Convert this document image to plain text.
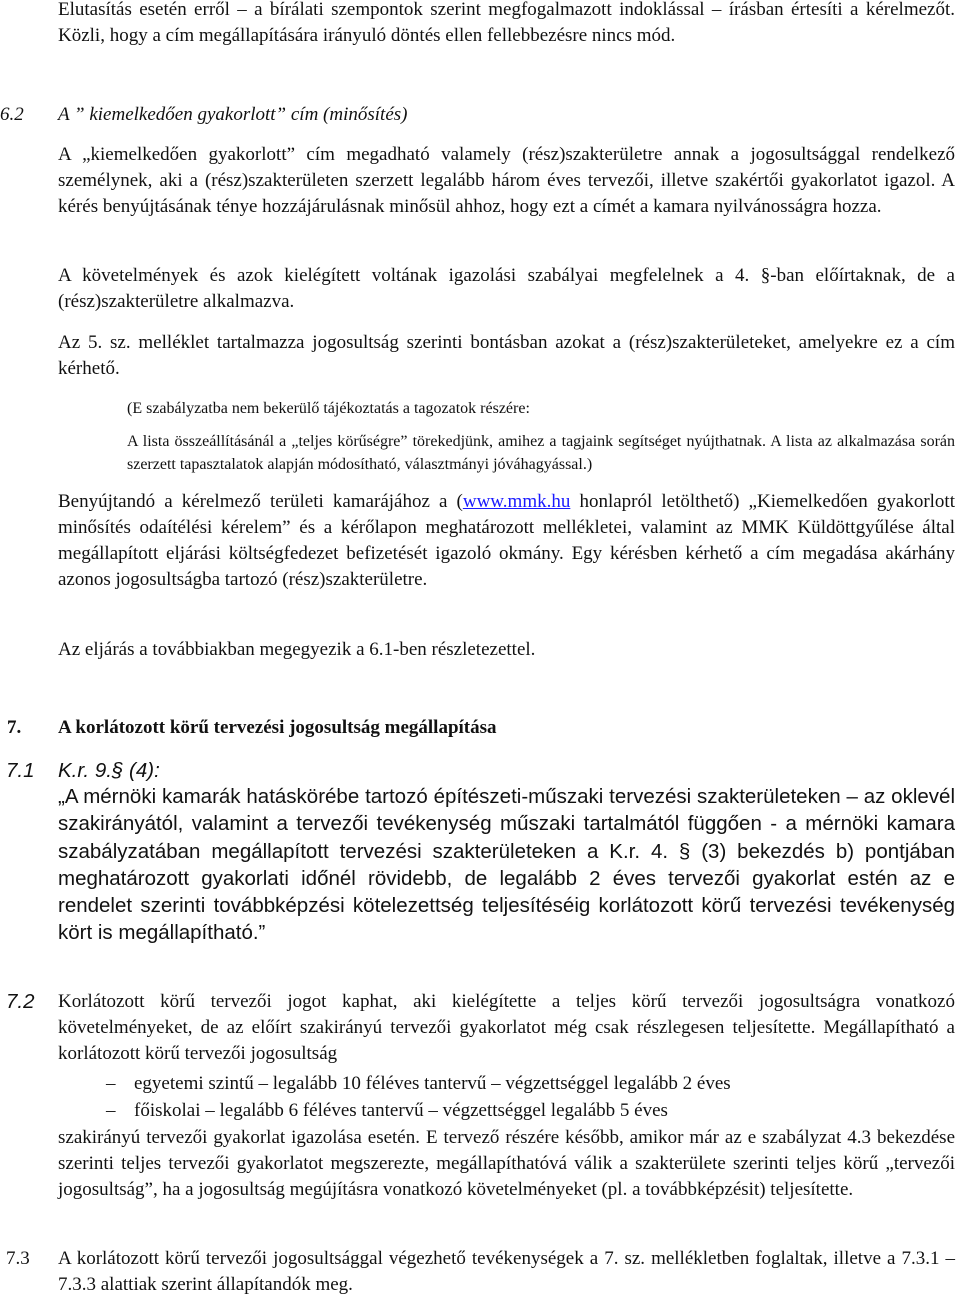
Elutasítás esetén erről – a bírálati szempontok szerint megfogalmazott indoklással – írásban értesíti a kérelmezőt. Közli, hogy a cím megállapítására irányuló döntés ellen fellebbezésre nincs mód.

6.2	A ” kiemelkedően gyakorlott” cím (minősítés)

A „kiemelkedően gyakorlott” cím megadható valamely (rész)szakterületre annak a jogosultsággal rendelkező személynek, aki a (rész)szakterületen szerzett legalább három éves tervezői, illetve szakértői gyakorlatot igazol. A kérés benyújtásának ténye hozzájárulásnak minősül ahhoz, hogy ezt a címét a kamara nyilvánosságra hozza.

A követelmények és azok kielégített voltának igazolási szabályai megfelelnek a 4. §-ban előírtaknak, de a (rész)szakterületre alkalmazva.

Az 5. sz. melléklet tartalmazza jogosultság szerinti bontásban azokat a (rész)szakterületeket, amelyekre ez a cím kérhető.

(E szabályzatba nem bekerülő tájékoztatás a tagozatok részére:

A lista összeállításánál a „teljes körűségre” törekedjünk, amihez a tagjaink segítséget nyújthatnak. A lista az alkalmazása során szerzett tapasztalatok alapján módosítható, választmányi jóváhagyással.)

Benyújtandó a kérelmező területi kamarájához a (www.mmk.hu honlapról letölthető) „Kiemelkedően gyakorlott minősítés odaítélési kérelem” és a kérőlapon meghatározott mellékletei, valamint az MMK Küldöttgyűlése által megállapított eljárási költségfedezet befizetését igazoló okmány. Egy kérésben kérhető a cím megadása akárhány azonos jogosultságba tartozó (rész)szakterületre.

Az eljárás a továbbiakban megegyezik a 6.1-ben részletezettel.

7.	A korlátozott körű tervezési jogosultság megállapítása
7.1	K.r. 9.§ (4):

„A mérnöki kamarák hatáskörébe tartozó építészeti-műszaki tervezési szakterületeken – az oklevél szakirányától, valamint a tervezői tevékenység műszaki tartalmától függően - a mérnöki kamara szabályzatában megállapított tervezési szakterületeken a K.r. 4. § (3) bekezdés b) pontjában meghatározott gyakorlati időnél rövidebb, de legalább 2 éves tervezői gyakorlat estén az e rendelet szerinti továbbképzési kötelezettség teljesítéséig korlátozott körű tervezési tevékenység kört is megállapítható.”

7.2	Korlátozott körű tervezői jogot kaphat, aki kielégítette a teljes körű tervezői jogosultságra vonatkozó követelményeket, de az előírt szakirányú tervezői gyakorlatot még csak részlegesen teljesítette. Megállapítható a korlátozott körű tervezői jogosultság

– egyetemi szintű – legalább 10 féléves tantervű – végzettséggel legalább 2 éves
– főiskolai – legalább 6 féléves tantervű – végzettséggel legalább 5 éves

szakirányú tervezői gyakorlat igazolása esetén. E tervező részére később, amikor már az e szabályzat 4.3 bekezdése szerinti teljes tervezői gyakorlatot megszerezte, megállapíthatóvá válik a szakterülete szerinti teljes körű „tervezői jogosultság”, ha a jogosultság megújításra vonatkozó követelményeket (pl. a továbbképzésit) teljesítette.

7.3	A korlátozott körű tervezői jogosultsággal végezhető tevékenységek a 7. sz. mellékletben foglaltak, illetve a 7.3.1 – 7.3.3 alattiak szerint állapítandók meg.
